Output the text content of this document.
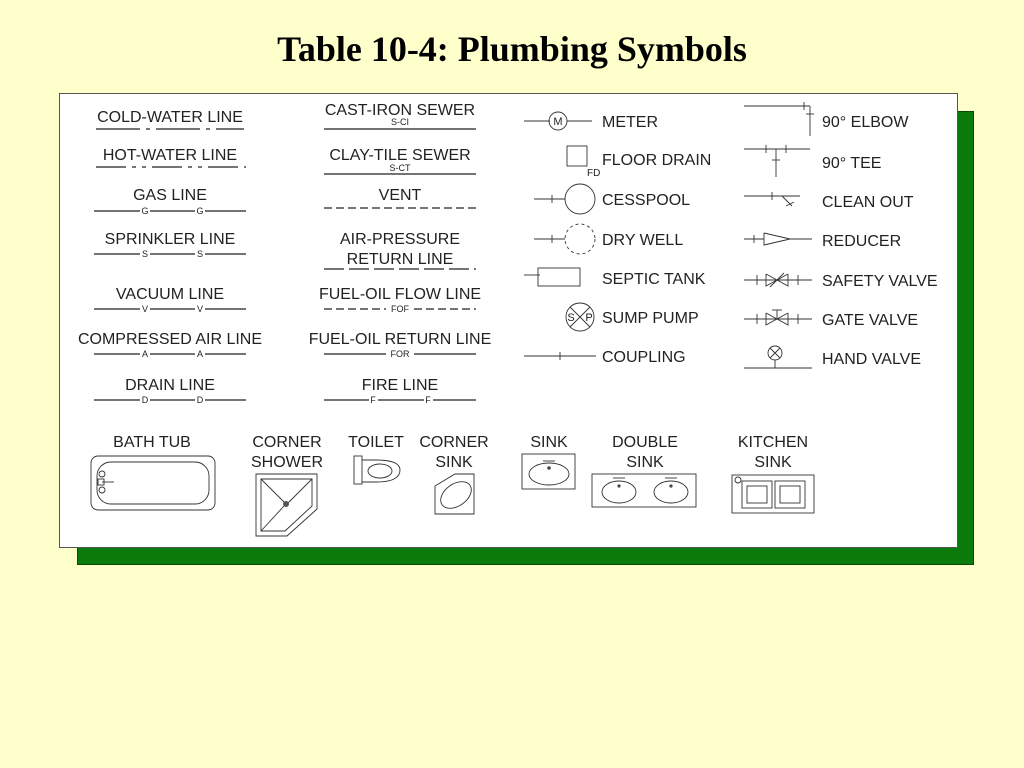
Table 10-4: Plumbing Symbols
COLD-WATER LINE
HOT-WATER LINE
GAS LINE
G	G
SPRINKLER LINE
S	S
VACUUM LINE
V	V
COMPRESSED AIR LINE
A	A
DRAIN LINE
D	D
CAST-IRON SEWER
S-CI
CLAY-TILE SEWER
S-CT
VENT
AIR-PRESSURE
RETURN LINE
FUEL-OIL FLOW LINE
FOF
FUEL-OIL RETURN LINE
FOR
FIRE LINE
F	F
M METER
FD
FLOOR DRAIN
CESSPOOL
DRY WELL
SEPTIC TANK
S P SUMP PUMP
COUPLING
90° ELBOW
90° TEE
CLEAN OUT
REDUCER
SAFETY VALVE
GATE VALVE
HAND VALVE
BATH TUB	CORNER
SHOWER
TOILET CORNER
SINK
SINK	DOUBLE
SINK
KITCHEN
SINK
